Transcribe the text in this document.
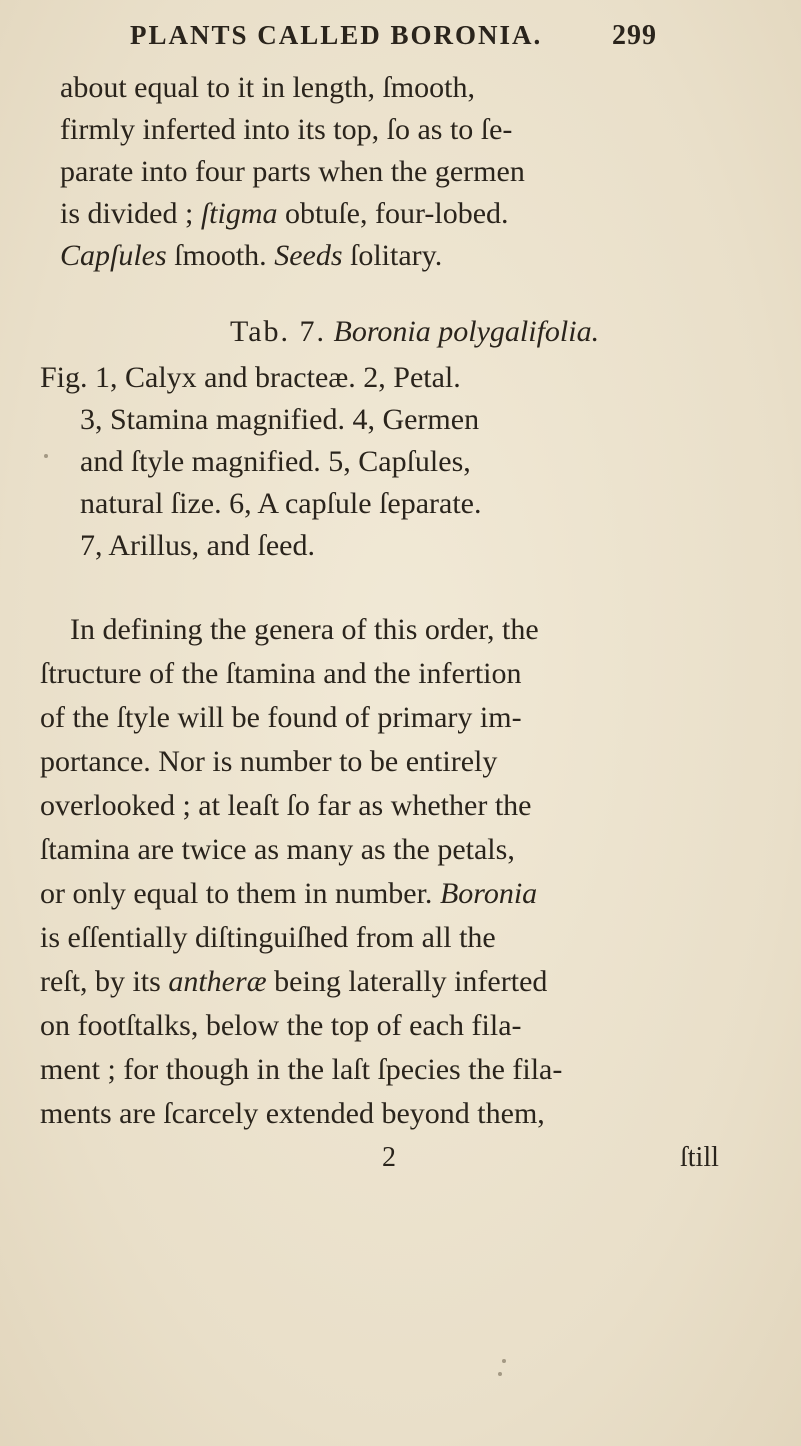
PLANTS CALLED BORONIA. 299
about equal to it in length, ſmooth,
firmly inferted into its top, ſo as to ſe-
parate into four parts when the germen
is divided ; ſtigma obtuſe, four-lobed.
Capſules ſmooth. Seeds ſolitary.
Tab. 7. Boronia polygalifolia.
Fig. 1, Calyx and bracteæ. 2, Petal.
3, Stamina magnified. 4, Germen
and ſtyle magnified. 5, Capſules,
natural ſize. 6, A capſule ſeparate.
7, Arillus, and ſeed.
In defining the genera of this order, the
ſtructure of the ſtamina and the infertion
of the ſtyle will be found of primary im-
portance. Nor is number to be entirely
overlooked ; at leaſt ſo far as whether the
ſtamina are twice as many as the petals,
or only equal to them in number. Boronia
is eſſentially diſtinguiſhed from all the
reſt, by its antheræ being laterally inferted
on footſtalks, below the top of each fila-
ment ; for though in the laſt ſpecies the fila-
ments are ſcarcely extended beyond them,
2	ſtill
